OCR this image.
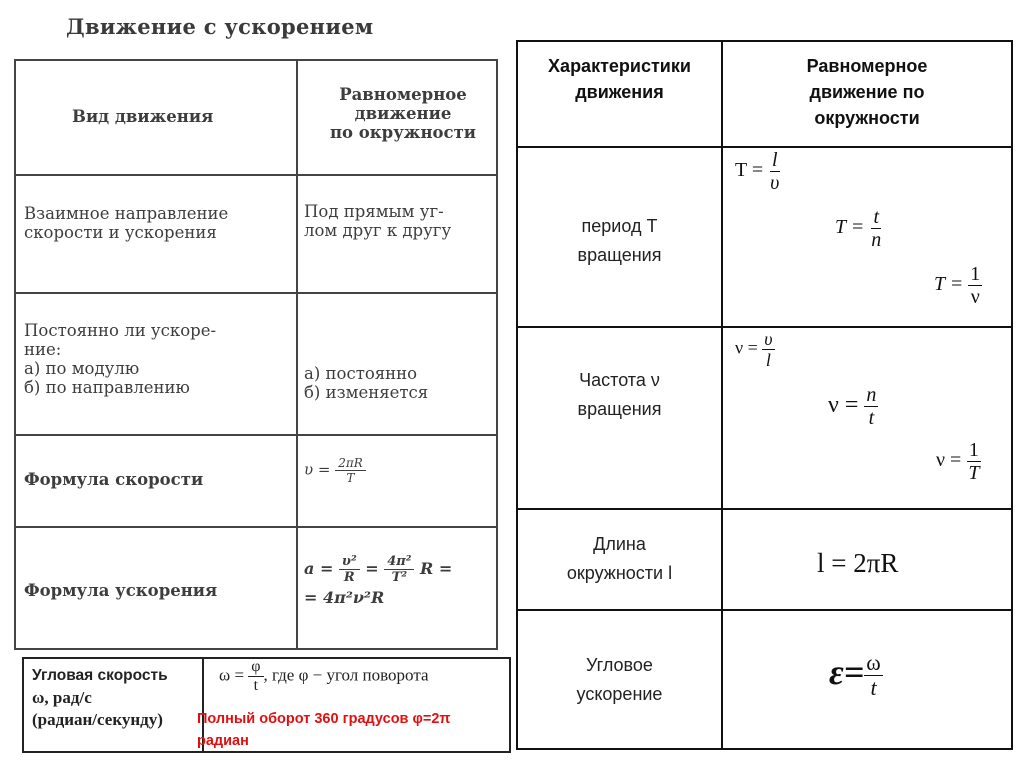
Движение с ускорением
Вид движения
Равномерное
движение
по окружности
Взаимное направление
скорости и ускорения
Под прямым уг-
лом друг к другу
Постоянно ли ускоре-
ние:
а) по модулю
б) по направлению
а) постоянно
б) изменяется
Формула скорости
$\upsilon = \frac{2\pi R}{T}$
Формула ускорения
$a = \frac{\text{υ²}}{R} = \frac{\text{4π²}}{\text{T²}}$ R =
= 4π²ν²R
Угловая скорость
ω, рад/с
(радиан/секунду)
$\omega = \frac{\varphi}{t}$ , где φ − угол поворота
Полный оборот 360 градусов φ=2π
радиан
Характеристики
движения
Равномерное
движение по
окружности
период T
вращения
$T = \frac{l}{\upsilon}$
$T = \frac{t}{n}$
$T = \frac{1}{\nu}$
Частота ν
вращения
$\nu = \frac{\upsilon}{l}$
$\nu = \frac{n}{t}$
$\nu = \frac{1}{T}$
Длина
окружности l	l = 2πR
Угловое
ускорение
$\varepsilon= \frac{\omega}{t}$
